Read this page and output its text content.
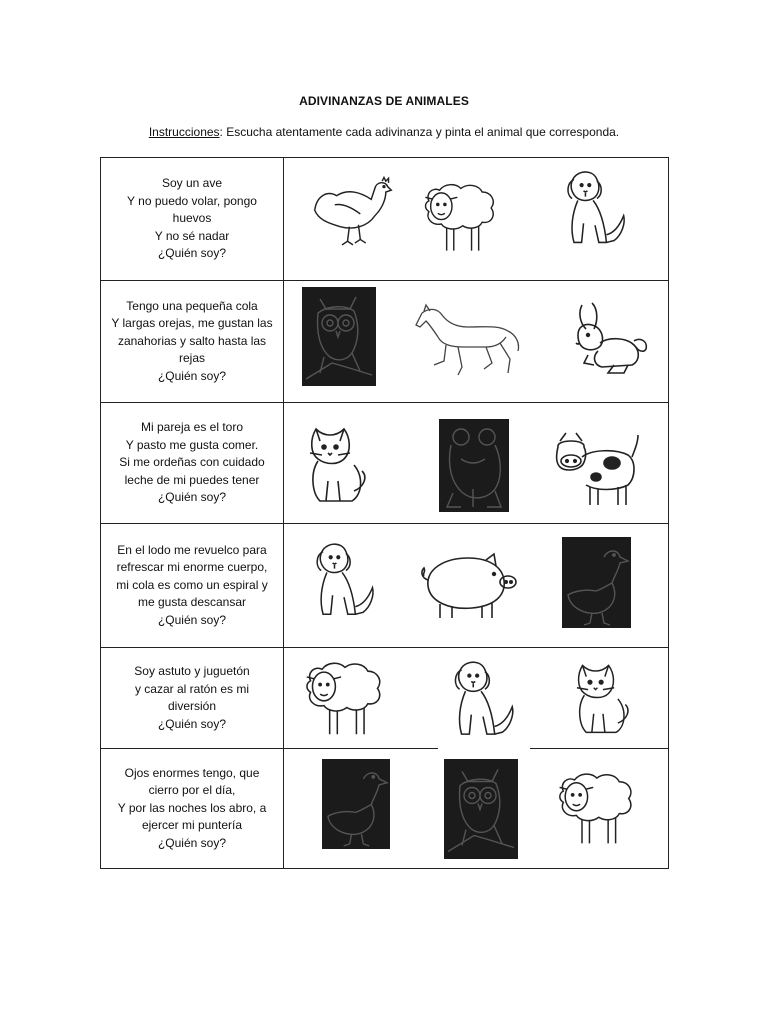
ADIVINANZAS DE ANIMALES
Instrucciones: Escucha atentamente cada adivinanza y pinta el animal que corresponda.
Soy un ave
Y no puedo volar, pongo
huevos
Y no sé nadar
¿Quién soy?

Tengo una pequeña cola
Y largas orejas, me gustan las
zanahorias y salto hasta las
rejas
¿Quién soy?

Mi pareja es el toro
Y pasto me gusta comer.
Si me ordeñas con cuidado
leche de mi puedes tener
¿Quién soy?

En el lodo me revuelco para
refrescar mi enorme cuerpo,
mi cola es como un espiral y
me gusta descansar
¿Quién soy?

Soy astuto y juguetón
y cazar al ratón es mi
diversión
¿Quién soy?

Ojos enormes tengo, que
cierro por el día,
Y por las noches los abro, a
ejercer mi puntería
¿Quién soy?
